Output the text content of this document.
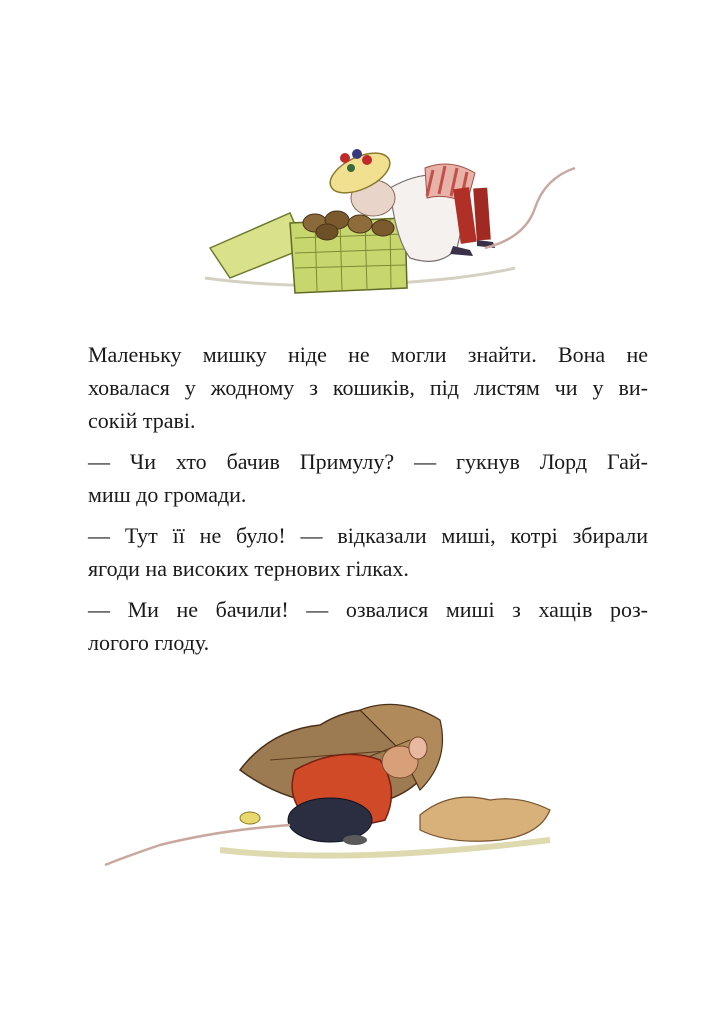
Маленьку мишку ніде не могли знайти. Вона не
ховалася у жодному з кошиків, під листям чи у ви-
сокій траві.

— Чи хто бачив Примулу? — гукнув Лорд Гай-
миш до громади.

— Тут її не було! — відказали миші, котрі збирали
ягоди на високих тернових гілках.

— Ми не бачили! — озвалися миші з хащів роз-
логого глоду.
